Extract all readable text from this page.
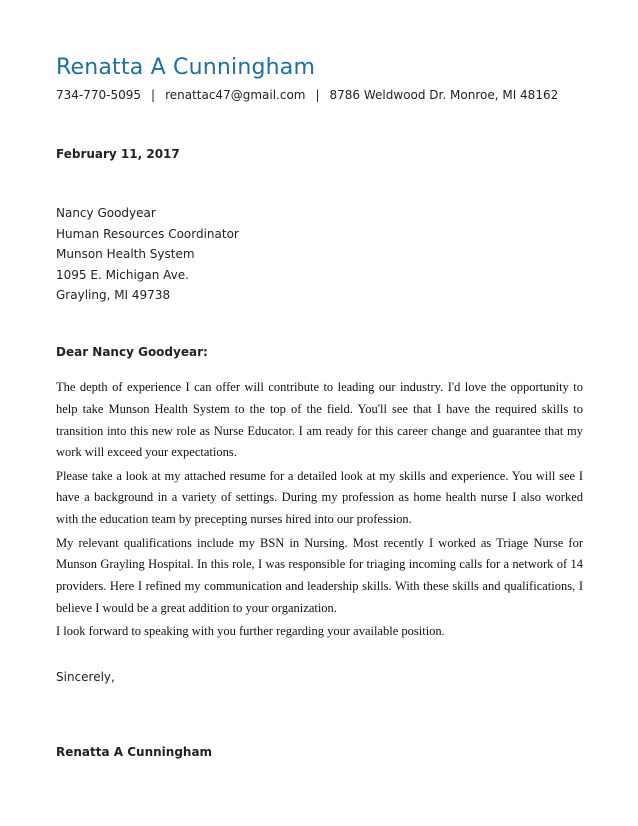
Renatta A Cunningham
734-770-5095 | renattac47@gmail.com | 8786 Weldwood Dr. Monroe, MI 48162
February 11, 2017
Nancy Goodyear
Human Resources Coordinator
Munson Health System
1095 E. Michigan Ave.
Grayling, MI 49738
Dear Nancy Goodyear:

The depth of experience I can offer will contribute to leading our industry. I'd love the opportunity to help take Munson Health System to the top of the field. You'll see that I have the required skills to transition into this new role as Nurse Educator. I am ready for this career change and guarantee that my work will exceed your expectations.

Please take a look at my attached resume for a detailed look at my skills and experience. You will see I have a background in a variety of settings. During my profession as home health nurse I also worked with the education team by precepting nurses hired into our profession.

My relevant qualifications include my BSN in Nursing. Most recently I worked as Triage Nurse for Munson Grayling Hospital. In this role, I was responsible for triaging incoming calls for a network of 14 providers. Here I refined my communication and leadership skills. With these skills and qualifications, I believe I would be a great addition to your organization.

I look forward to speaking with you further regarding your available position.

Sincerely,
Renatta A Cunningham
